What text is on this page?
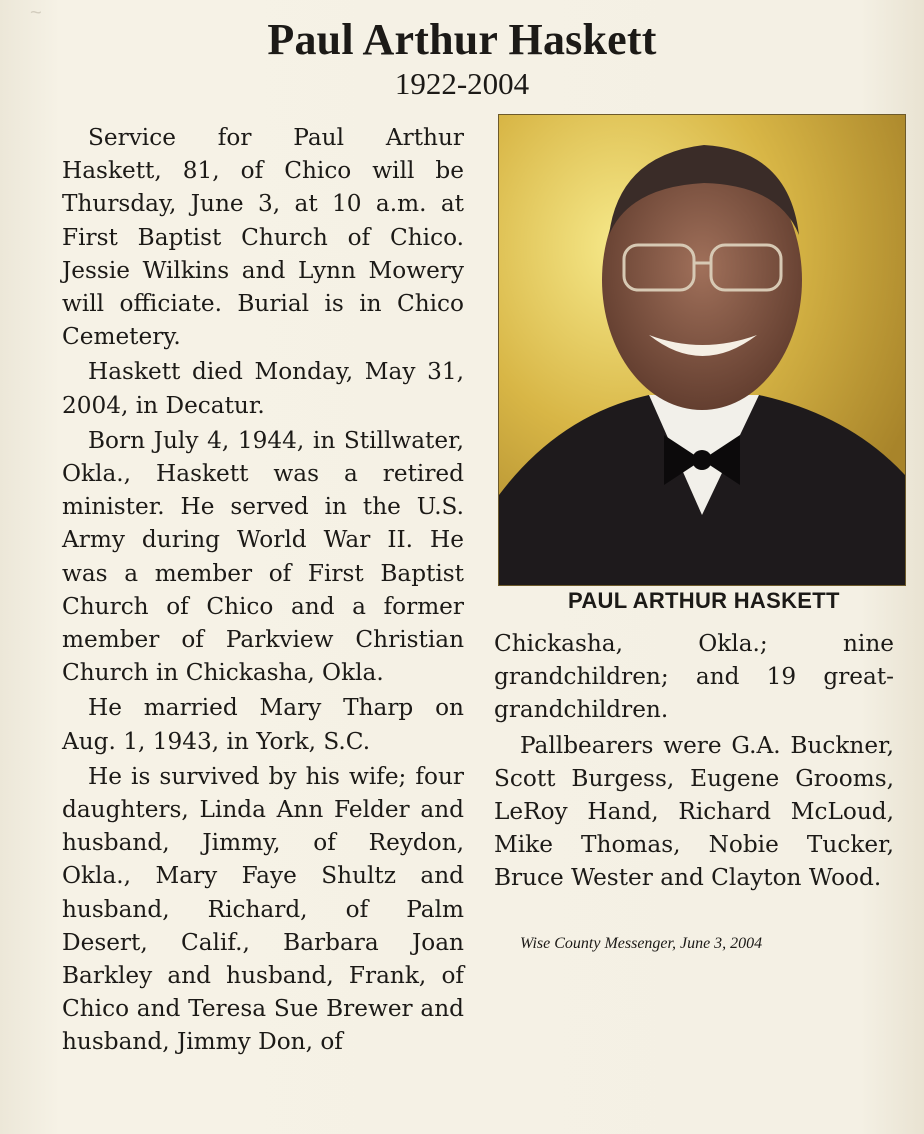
~
Paul Arthur Haskett
1922-2004

Service for Paul Arthur Haskett, 81, of Chico will be Thursday, June 3, at 10 a.m. at First Baptist Church of Chico. Jessie Wilkins and Lynn Mowery will officiate. Burial is in Chico Cemetery.

Haskett died Monday, May 31, 2004, in Decatur.

Born July 4, 1944, in Stillwater, Okla., Haskett was a retired minister. He served in the U.S. Army during World War II. He was a member of First Baptist Church of Chico and a former member of Parkview Christian Church in Chickasha, Okla.

He married Mary Tharp on Aug. 1, 1943, in York, S.C.

He is survived by his wife; four daughters, Linda Ann Felder and husband, Jimmy, of Reydon, Okla., Mary Faye Shultz and husband, Richard, of Palm Desert, Calif., Barbara Joan Barkley and husband, Frank, of Chico and Teresa Sue Brewer and husband, Jimmy Don, of

PAUL ARTHUR HASKETT

Chickasha, Okla.; nine grandchildren; and 19 great-grandchildren.

Pallbearers were G.A. Buckner, Scott Burgess, Eugene Grooms, LeRoy Hand, Richard McLoud, Mike Thomas, Nobie Tucker, Bruce Wester and Clayton Wood.

Wise County Messenger, June 3, 2004
